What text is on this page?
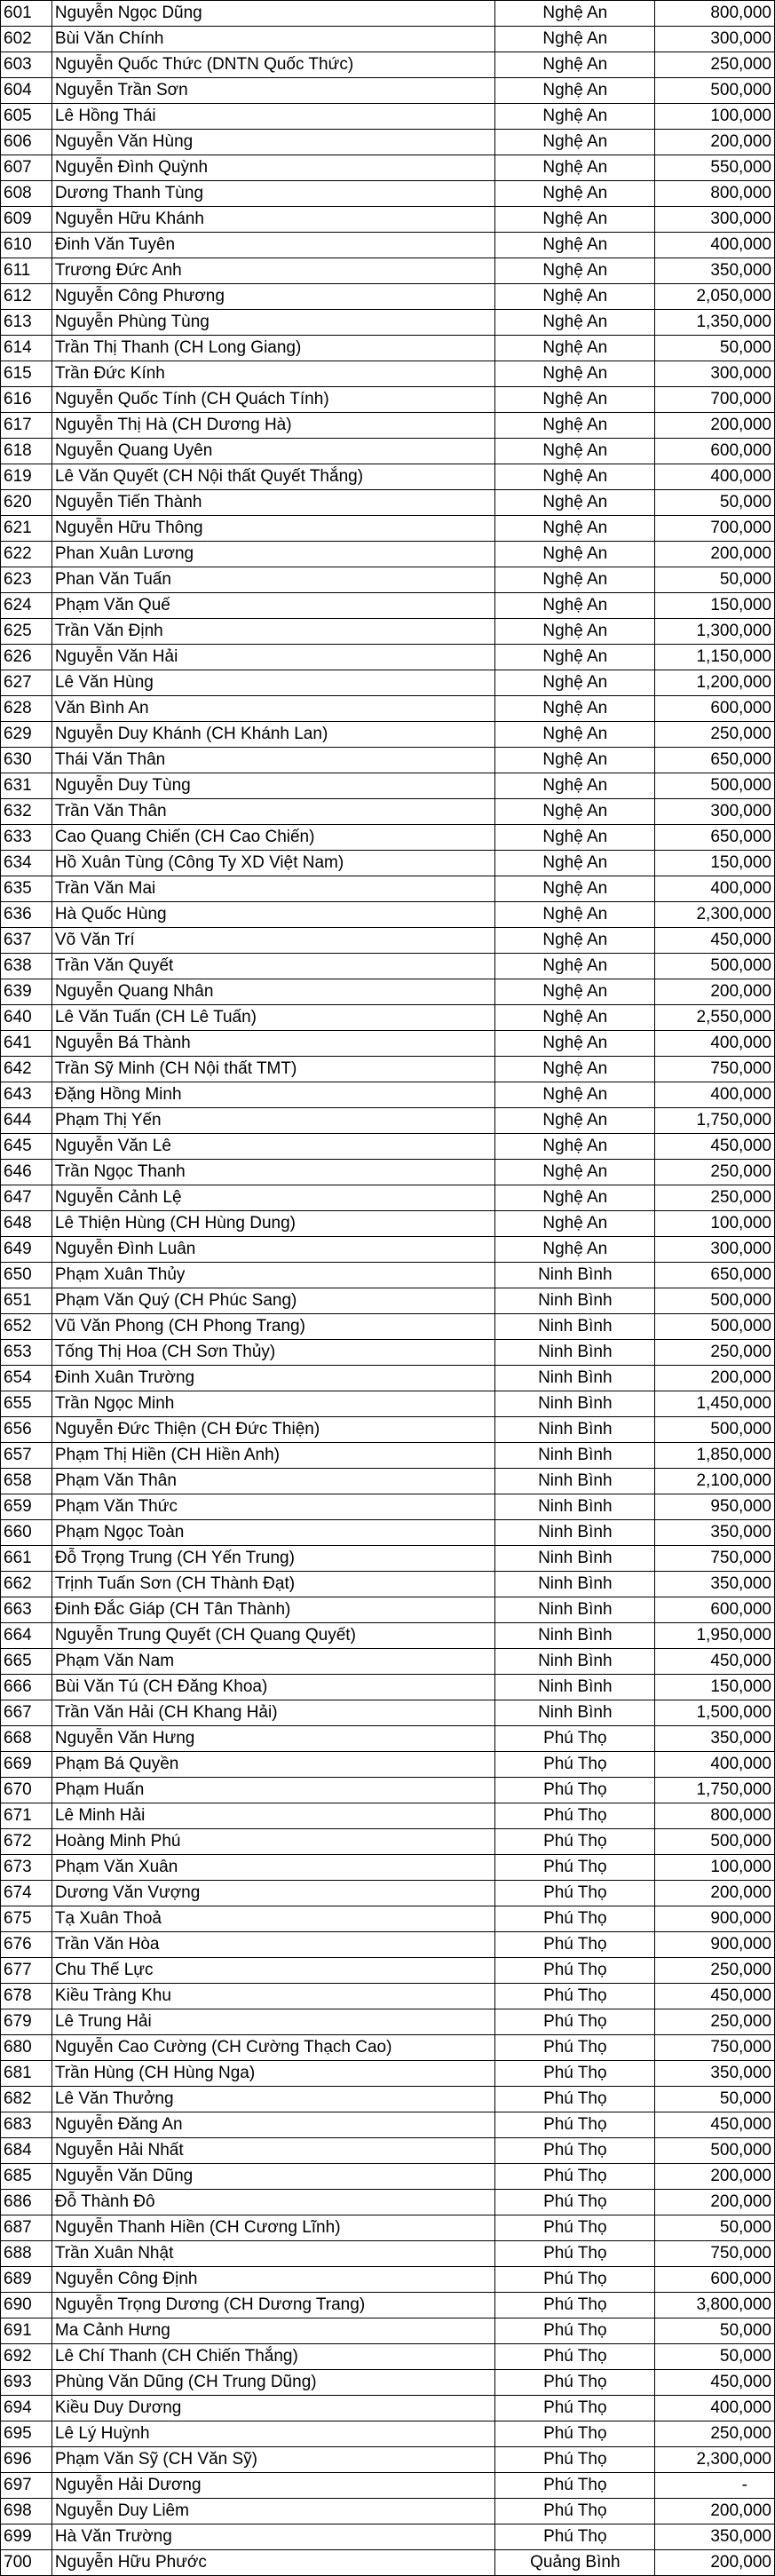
601	Nguyễn Ngọc Dũng	Nghệ An	800,000
602	Bùi Văn Chính	Nghệ An	300,000
603	Nguyễn Quốc Thức (DNTN Quốc Thức)	Nghệ An	250,000
604	Nguyễn Trần Sơn	Nghệ An	500,000
605	Lê Hồng Thái	Nghệ An	100,000
606	Nguyễn Văn Hùng	Nghệ An	200,000
607	Nguyễn Đình Quỳnh	Nghệ An	550,000
608	Dương Thanh Tùng	Nghệ An	800,000
609	Nguyễn Hữu Khánh	Nghệ An	300,000
610	Đinh Văn Tuyên	Nghệ An	400,000
611	Trương Đức Anh	Nghệ An	350,000
612	Nguyễn Công Phương	Nghệ An	2,050,000
613	Nguyễn Phùng Tùng	Nghệ An	1,350,000
614	Trần Thị Thanh (CH Long Giang)	Nghệ An	50,000
615	Trần Đức Kính	Nghệ An	300,000
616	Nguyễn Quốc Tính (CH Quách Tính)	Nghệ An	700,000
617	Nguyễn Thị Hà (CH Dương Hà)	Nghệ An	200,000
618	Nguyễn Quang Uyên	Nghệ An	600,000
619	Lê Văn Quyết (CH Nội thất Quyết Thắng)	Nghệ An	400,000
620	Nguyễn Tiến Thành	Nghệ An	50,000
621	Nguyễn Hữu Thông	Nghệ An	700,000
622	Phan Xuân Lương	Nghệ An	200,000
623	Phan Văn Tuấn	Nghệ An	50,000
624	Phạm Văn Quế	Nghệ An	150,000
625	Trần Văn Định	Nghệ An	1,300,000
626	Nguyễn Văn Hải	Nghệ An	1,150,000
627	Lê Văn Hùng	Nghệ An	1,200,000
628	Văn Bình An	Nghệ An	600,000
629	Nguyễn Duy Khánh (CH Khánh Lan)	Nghệ An	250,000
630	Thái Văn Thân	Nghệ An	650,000
631	Nguyễn Duy Tùng	Nghệ An	500,000
632	Trần Văn Thân	Nghệ An	300,000
633	Cao Quang Chiến (CH Cao Chiến)	Nghệ An	650,000
634	Hồ Xuân Tùng (Công Ty XD Việt Nam)	Nghệ An	150,000
635	Trần Văn Mai	Nghệ An	400,000
636	Hà Quốc Hùng	Nghệ An	2,300,000
637	Võ Văn Trí	Nghệ An	450,000
638	Trần Văn Quyết	Nghệ An	500,000
639	Nguyễn Quang Nhân	Nghệ An	200,000
640	Lê Văn Tuấn (CH Lê Tuấn)	Nghệ An	2,550,000
641	Nguyễn Bá Thành	Nghệ An	400,000
642	Trần Sỹ Minh (CH Nội thất TMT)	Nghệ An	750,000
643	Đặng Hồng Minh	Nghệ An	400,000
644	Phạm Thị Yến	Nghệ An	1,750,000
645	Nguyễn Văn Lê	Nghệ An	450,000
646	Trần Ngọc Thanh	Nghệ An	250,000
647	Nguyễn Cảnh Lệ	Nghệ An	250,000
648	Lê Thiện Hùng (CH Hùng Dung)	Nghệ An	100,000
649	Nguyễn Đình Luân	Nghệ An	300,000
650	Phạm Xuân Thủy	Ninh Bình	650,000
651	Phạm Văn Quý (CH Phúc Sang)	Ninh Bình	500,000
652	Vũ Văn Phong (CH Phong Trang)	Ninh Bình	500,000
653	Tống Thị Hoa (CH Sơn Thủy)	Ninh Bình	250,000
654	Đinh Xuân Trường	Ninh Bình	200,000
655	Trần Ngọc Minh	Ninh Bình	1,450,000
656	Nguyễn Đức Thiện (CH Đức Thiện)	Ninh Bình	500,000
657	Phạm Thị Hiền (CH Hiền Anh)	Ninh Bình	1,850,000
658	Phạm Văn Thân	Ninh Bình	2,100,000
659	Phạm Văn Thức	Ninh Bình	950,000
660	Phạm Ngọc Toàn	Ninh Bình	350,000
661	Đỗ Trọng Trung (CH Yến Trung)	Ninh Bình	750,000
662	Trịnh Tuấn Sơn (CH Thành Đạt)	Ninh Bình	350,000
663	Đinh Đắc Giáp (CH Tân Thành)	Ninh Bình	600,000
664	Nguyễn Trung Quyết (CH Quang Quyết)	Ninh Bình	1,950,000
665	Phạm Văn Nam	Ninh Bình	450,000
666	Bùi Văn Tú (CH Đăng Khoa)	Ninh Bình	150,000
667	Trần Văn Hải (CH Khang Hải)	Ninh Bình	1,500,000
668	Nguyễn Văn Hưng	Phú Thọ	350,000
669	Phạm Bá Quyền	Phú Thọ	400,000
670	Phạm Huấn	Phú Thọ	1,750,000
671	Lê Minh Hải	Phú Thọ	800,000
672	Hoàng Minh Phú	Phú Thọ	500,000
673	Phạm Văn Xuân	Phú Thọ	100,000
674	Dương Văn Vượng	Phú Thọ	200,000
675	Tạ Xuân Thoả	Phú Thọ	900,000
676	Trần Văn Hòa	Phú Thọ	900,000
677	Chu Thế Lực	Phú Thọ	250,000
678	Kiều Tràng Khu	Phú Thọ	450,000
679	Lê Trung Hải	Phú Thọ	250,000
680	Nguyễn Cao Cường (CH Cường Thạch Cao)	Phú Thọ	750,000
681	Trần Hùng (CH Hùng Nga)	Phú Thọ	350,000
682	Lê Văn Thưởng	Phú Thọ	50,000
683	Nguyễn Đăng An	Phú Thọ	450,000
684	Nguyễn Hải Nhất	Phú Thọ	500,000
685	Nguyễn Văn Dũng	Phú Thọ	200,000
686	Đỗ Thành Đô	Phú Thọ	200,000
687	Nguyễn Thanh Hiền (CH Cương Lĩnh)	Phú Thọ	50,000
688	Trần Xuân Nhật	Phú Thọ	750,000
689	Nguyễn Công Định	Phú Thọ	600,000
690	Nguyễn Trọng Dương (CH Dương Trang)	Phú Thọ	3,800,000
691	Ma Cảnh Hưng	Phú Thọ	50,000
692	Lê Chí Thanh (CH Chiến Thắng)	Phú Thọ	50,000
693	Phùng Văn Dũng (CH Trung Dũng)	Phú Thọ	450,000
694	Kiều Duy Dương	Phú Thọ	400,000
695	Lê Lý Huỳnh	Phú Thọ	250,000
696	Phạm Văn Sỹ (CH Văn Sỹ)	Phú Thọ	2,300,000
697	Nguyễn Hải Dương	Phú Thọ	-
698	Nguyễn Duy Liêm	Phú Thọ	200,000
699	Hà Văn Trường	Phú Thọ	350,000
700	Nguyễn Hữu Phước	Quảng Bình	200,000
